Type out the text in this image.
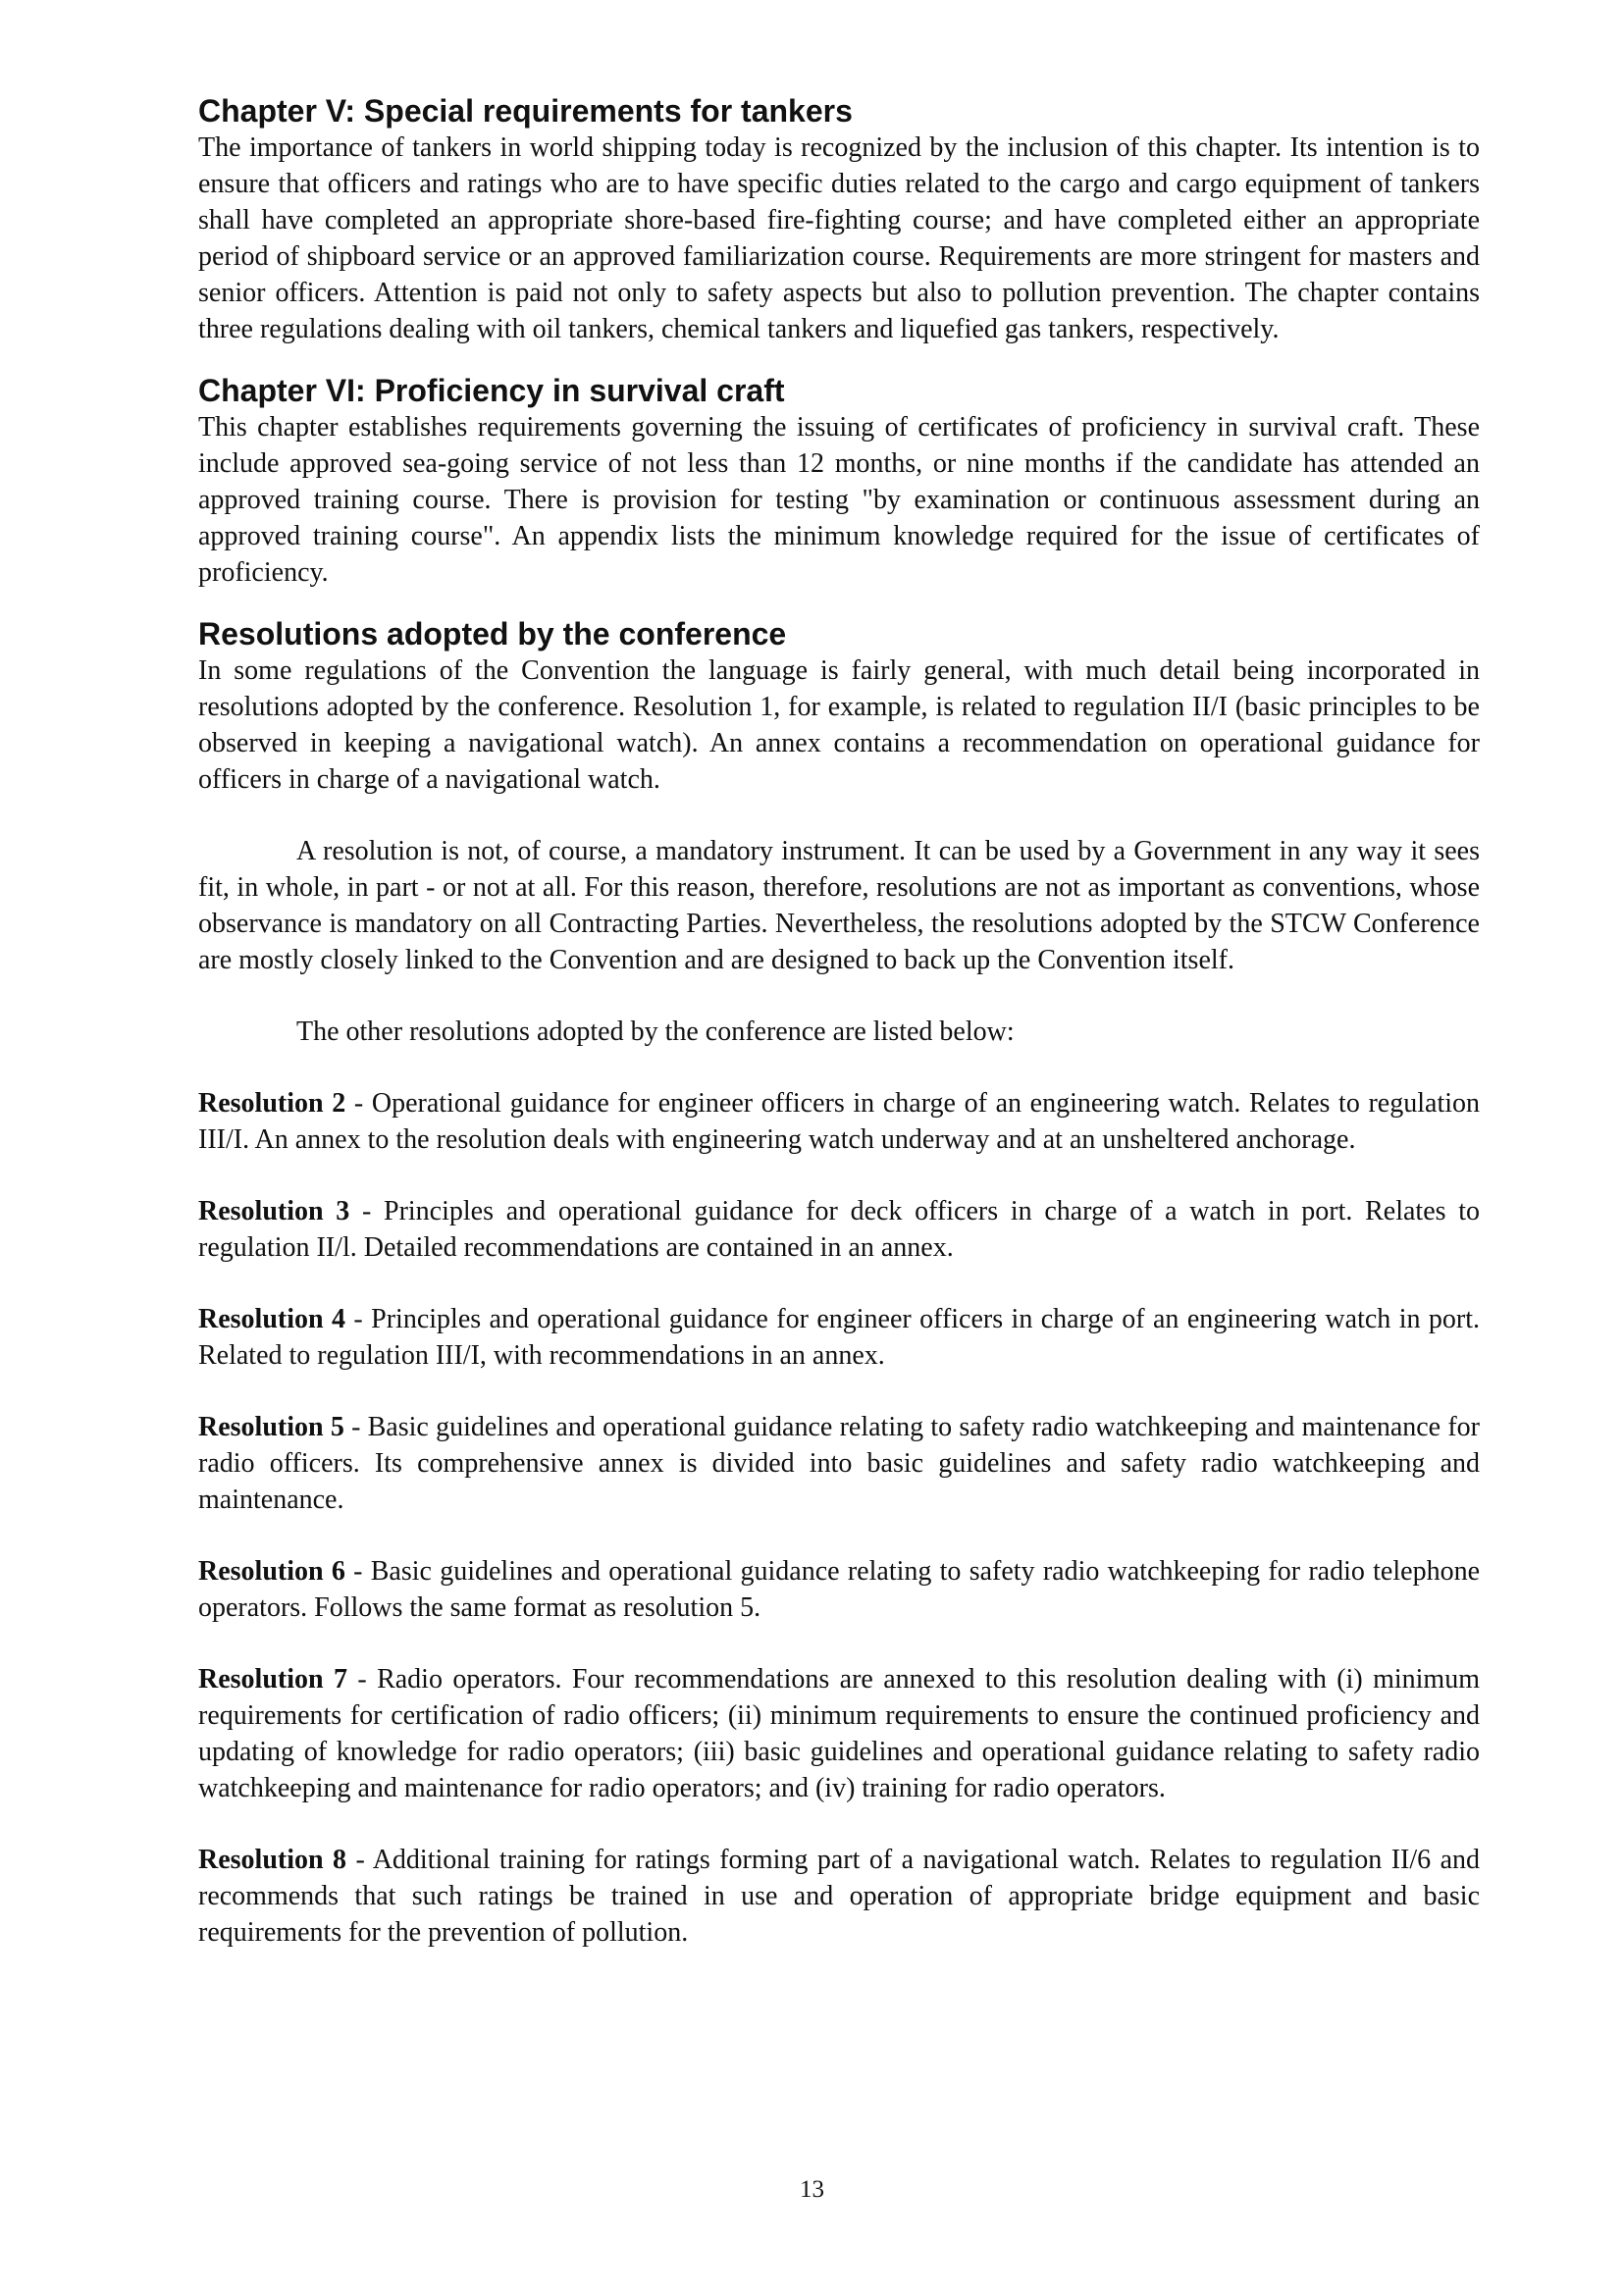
Chapter V: Special requirements for tankers

The importance of tankers in world shipping today is recognized by the inclusion of this chapter. Its intention is to ensure that officers and ratings who are to have specific duties related to the cargo and cargo equipment of tankers shall have completed an appropriate shore-based fire-fighting course; and have completed either an appropriate period of shipboard service or an approved familiarization course. Requirements are more stringent for masters and senior officers. Attention is paid not only to safety aspects but also to pollution prevention. The chapter contains three regulations dealing with oil tankers, chemical tankers and liquefied gas tankers, respectively.

Chapter VI: Proficiency in survival craft

This chapter establishes requirements governing the issuing of certificates of proficiency in survival craft. These include approved sea-going service of not less than 12 months, or nine months if the candidate has attended an approved training course. There is provision for testing "by examination or continuous assessment during an approved training course". An appendix lists the minimum knowledge required for the issue of certificates of proficiency.

Resolutions adopted by the conference

In some regulations of the Convention the language is fairly general, with much detail being incorporated in resolutions adopted by the conference. Resolution 1, for example, is related to regulation II/I (basic principles to be observed in keeping a navigational watch). An annex contains a recommendation on operational guidance for officers in charge of a navigational watch.

A resolution is not, of course, a mandatory instrument. It can be used by a Government in any way it sees fit, in whole, in part - or not at all. For this reason, therefore, resolutions are not as important as conventions, whose observance is mandatory on all Contracting Parties. Nevertheless, the resolutions adopted by the STCW Conference are mostly closely linked to the Convention and are designed to back up the Convention itself.

The other resolutions adopted by the conference are listed below:

Resolution 2 - Operational guidance for engineer officers in charge of an engineering watch. Relates to regulation III/I. An annex to the resolution deals with engineering watch underway and at an unsheltered anchorage.

Resolution 3 - Principles and operational guidance for deck officers in charge of a watch in port. Relates to regulation II/l. Detailed recommendations are contained in an annex.

Resolution 4 - Principles and operational guidance for engineer officers in charge of an engineering watch in port. Related to regulation III/I, with recommendations in an annex.

Resolution 5 - Basic guidelines and operational guidance relating to safety radio watchkeeping and maintenance for radio officers. Its comprehensive annex is divided into basic guidelines and safety radio watchkeeping and maintenance.

Resolution 6 - Basic guidelines and operational guidance relating to safety radio watchkeeping for radio telephone operators. Follows the same format as resolution 5.

Resolution 7 - Radio operators. Four recommendations are annexed to this resolution dealing with (i) minimum requirements for certification of radio officers; (ii) minimum requirements to ensure the continued proficiency and updating of knowledge for radio operators; (iii) basic guidelines and operational guidance relating to safety radio watchkeeping and maintenance for radio operators; and (iv) training for radio operators.

Resolution 8 - Additional training for ratings forming part of a navigational watch. Relates to regulation II/6 and recommends that such ratings be trained in use and operation of appropriate bridge equipment and basic requirements for the prevention of pollution.

13
